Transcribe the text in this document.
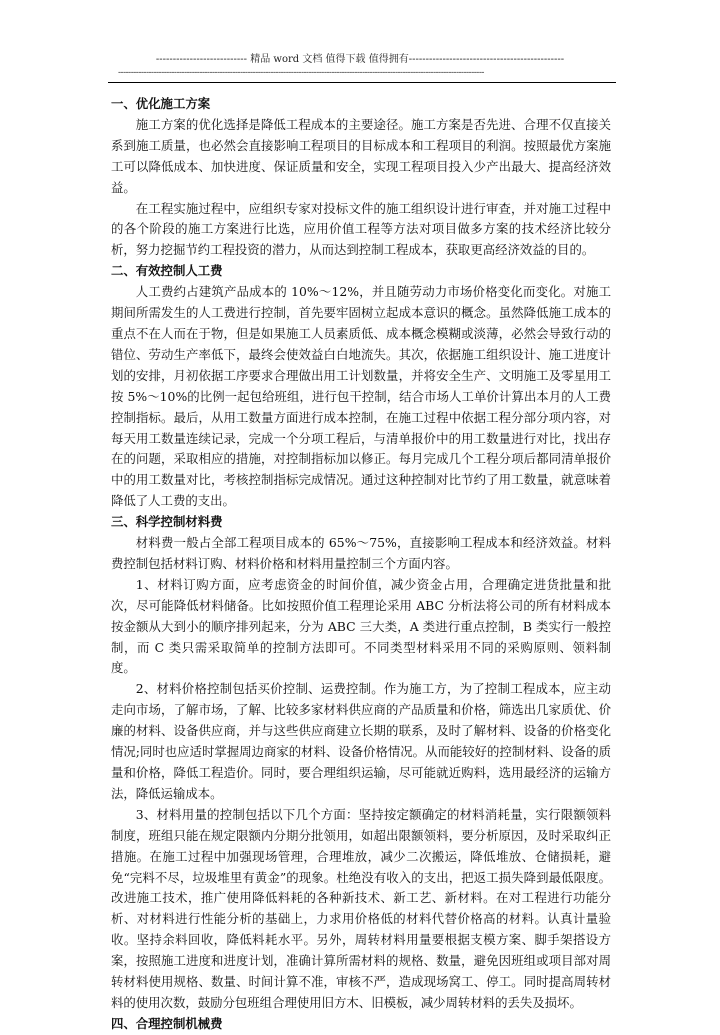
--------------------------- 精品 word 文档 值得下载 值得拥有----------------------------------------------
------------------------------------------------------------------------------------------------------------------------------------------------

一、优化施工方案

施工方案的优化选择是降低工程成本的主要途径。施工方案是否先进、合理不仅直接关系到施工质量，也必然会直接影响工程项目的目标成本和工程项目的利润。按照最优方案施工可以降低成本、加快进度、保证质量和安全，实现工程项目投入少产出最大、提高经济效益。

在工程实施过程中，应组织专家对投标文件的施工组织设计进行审查，并对施工过程中的各个阶段的施工方案进行比选，应用价值工程等方法对项目做多方案的技术经济比较分析，努力挖掘节约工程投资的潜力，从而达到控制工程成本，获取更高经济效益的目的。

二、有效控制人工费

人工费约占建筑产品成本的 10%～12%，并且随劳动力市场价格变化而变化。对施工期间所需发生的人工费进行控制，首先要牢固树立起成本意识的概念。虽然降低施工成本的重点不在人而在于物，但是如果施工人员素质低、成本概念模糊或淡薄，必然会导致行动的错位、劳动生产率低下，最终会使效益白白地流失。其次，依据施工组织设计、施工进度计划的安排，月初依据工序要求合理做出用工计划数量，并将安全生产、文明施工及零星用工按 5%～10%的比例一起包给班组，进行包干控制，结合市场人工单价计算出本月的人工费控制指标。最后，从用工数量方面进行成本控制，在施工过程中依据工程分部分项内容，对每天用工数量连续记录，完成一个分项工程后，与清单报价中的用工数量进行对比，找出存在的问题，采取相应的措施，对控制指标加以修正。每月完成几个工程分项后都同清单报价中的用工数量对比，考核控制指标完成情况。通过这种控制对比节约了用工数量，就意味着降低了人工费的支出。

三、科学控制材料费

材料费一般占全部工程项目成本的 65%～75%，直接影响工程成本和经济效益。材料费控制包括材料订购、材料价格和材料用量控制三个方面内容。

1、材料订购方面，应考虑资金的时间价值，减少资金占用，合理确定进货批量和批次，尽可能降低材料储备。比如按照价值工程理论采用 ABC 分析法将公司的所有材料成本按金额从大到小的顺序排列起来，分为 ABC 三大类，A 类进行重点控制，B 类实行一般控制，而 C 类只需采取简单的控制方法即可。不同类型材料采用不同的采购原则、领料制度。

2、材料价格控制包括买价控制、运费控制。作为施工方，为了控制工程成本，应主动走向市场，了解市场，了解、比较多家材料供应商的产品质量和价格，筛选出几家质优、价廉的材料、设备供应商，并与这些供应商建立长期的联系，及时了解材料、设备的价格变化情况;同时也应适时掌握周边商家的材料、设备价格情况。从而能较好的控制材料、设备的质量和价格，降低工程造价。同时，要合理组织运输，尽可能就近购料，选用最经济的运输方法，降低运输成本。

3、材料用量的控制包括以下几个方面：坚持按定额确定的材料消耗量，实行限额领料制度，班组只能在规定限额内分期分批领用，如超出限额领料，要分析原因，及时采取纠正措施。在施工过程中加强现场管理，合理堆放，减少二次搬运，降低堆放、仓储损耗，避免“完料不尽，垃圾堆里有黄金”的现象。杜绝没有收入的支出，把返工损失降到最低限度。改进施工技术，推广使用降低料耗的各种新技术、新工艺、新材料。在对工程进行功能分析、对材料进行性能分析的基础上，力求用价格低的材料代替价格高的材料。认真计量验收。坚持余料回收，降低料耗水平。另外，周转材料用量要根据支模方案、脚手架搭设方案，按照施工进度和进度计划，准确计算所需材料的规格、数量，避免因班组或项目部对周转材料使用规格、数量、时间计算不准，审核不严，造成现场窝工、停工。同时提高周转材料的使用次数，鼓励分包班组合理使用旧方木、旧模板，减少周转材料的丢失及损坏。

四、合理控制机械费
